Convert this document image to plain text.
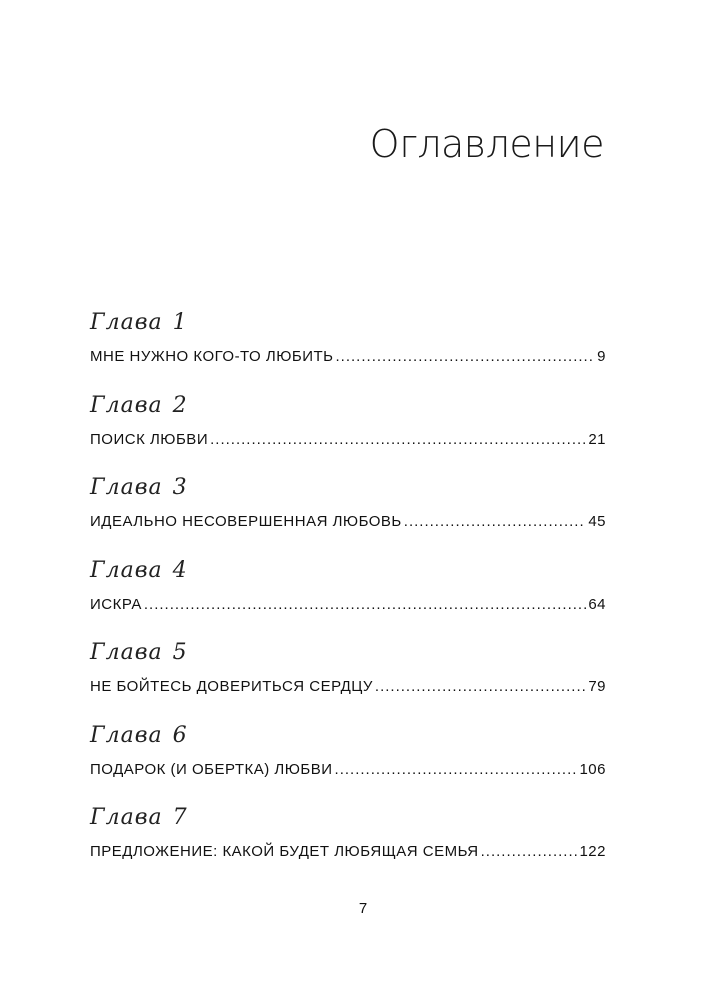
Оглавление
Глава 1
МНЕ НУЖНО КОГО-ТО ЛЮБИТЬ .....	9
Глава 2
ПОИСК ЛЮБВИ .....	21
Глава 3
ИДЕАЛЬНО НЕСОВЕРШЕННАЯ ЛЮБОВЬ .....	45
Глава 4
ИСКРА .....	64
Глава 5
НЕ БОЙТЕСЬ ДОВЕРИТЬСЯ СЕРДЦУ .....	79
Глава 6
ПОДАРОК (И ОБЕРТКА) ЛЮБВИ .....	106
Глава 7
ПРЕДЛОЖЕНИЕ: КАКОЙ БУДЕТ ЛЮБЯЩАЯ СЕМЬЯ .....	122
7
